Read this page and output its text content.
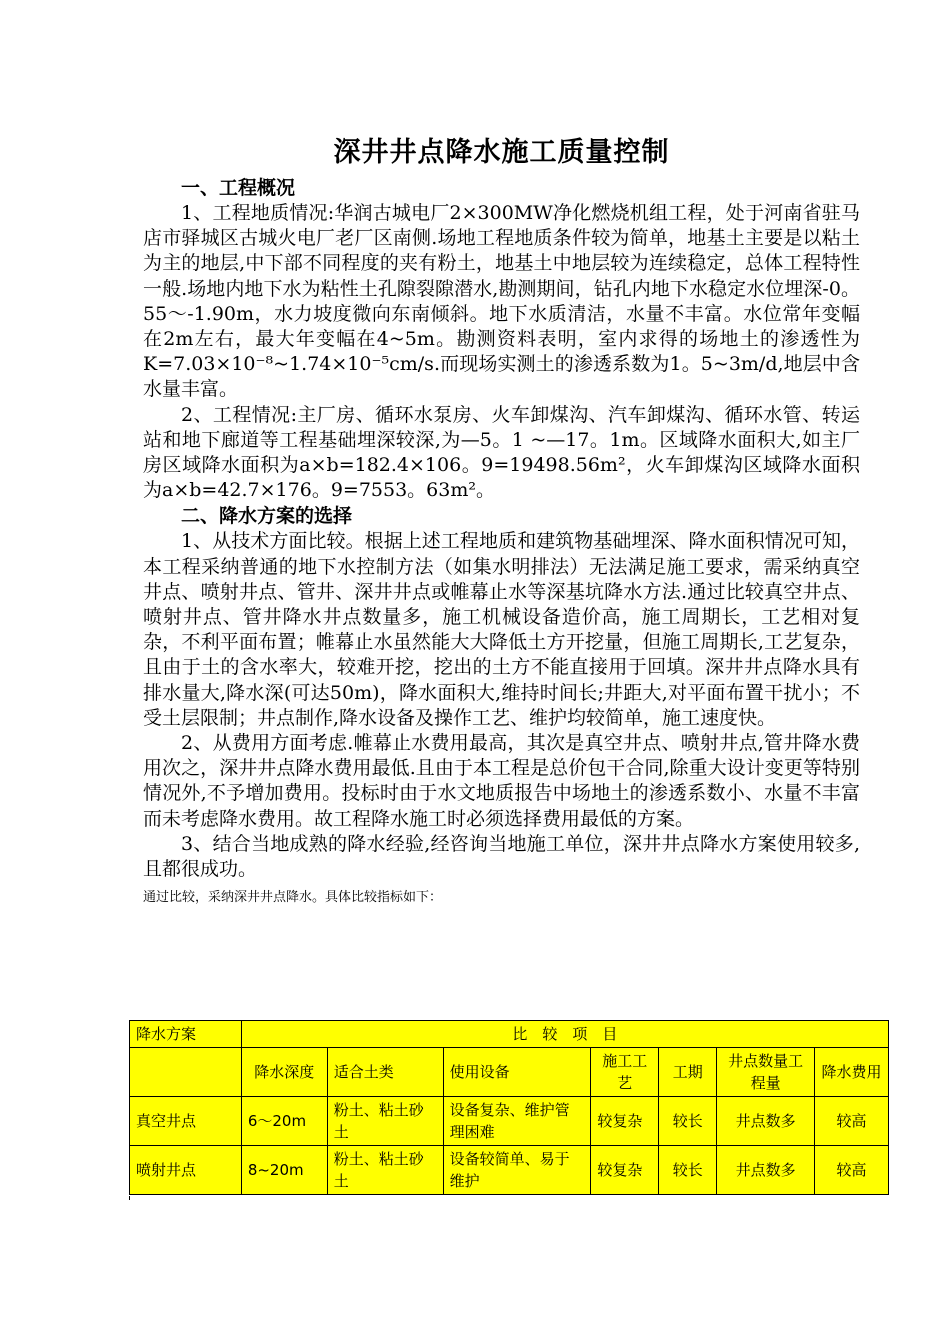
深井井点降水施工质量控制

一、工程概况

1、工程地质情况:华润古城电厂2×300MW净化燃烧机组工程，处于河南省驻马店市驿城区古城火电厂老厂区南侧.场地工程地质条件较为简单，地基土主要是以粘土为主的地层,中下部不同程度的夹有粉土，地基土中地层较为连续稳定，总体工程特性一般.场地内地下水为粘性土孔隙裂隙潜水,勘测期间，钻孔内地下水稳定水位埋深-0。55～-1.90m，水力坡度微向东南倾斜。地下水质清洁，水量不丰富。水位常年变幅在2m左右，最大年变幅在4~5m。勘测资料表明，室内求得的场地土的渗透性为K=7.03×10⁻⁸~1.74×10⁻⁵cm/s.而现场实测土的渗透系数为1。5~3m/d,地层中含水量丰富。

2、工程情况:主厂房、循环水泵房、火车卸煤沟、汽车卸煤沟、循环水管、转运站和地下廊道等工程基础埋深较深,为—5。1 ~—17。1m。区域降水面积大,如主厂房区域降水面积为a×b=182.4×106。9=19498.56m²，火车卸煤沟区域降水面积为a×b=42.7×176。9=7553。63m²。

二、降水方案的选择

1、从技术方面比较。根据上述工程地质和建筑物基础埋深、降水面积情况可知，本工程采纳普通的地下水控制方法（如集水明排法）无法满足施工要求，需采纳真空井点、喷射井点、管井、深井井点或帷幕止水等深基坑降水方法.通过比较真空井点、喷射井点、管井降水井点数量多，施工机械设备造价高，施工周期长，工艺相对复杂，不利平面布置；帷幕止水虽然能大大降低土方开挖量，但施工周期长,工艺复杂，且由于土的含水率大，较难开挖，挖出的土方不能直接用于回填。深井井点降水具有排水量大,降水深(可达50m)，降水面积大,维持时间长;井距大,对平面布置干扰小；不受土层限制；井点制作,降水设备及操作工艺、维护均较简单，施工速度快。

2、从费用方面考虑.帷幕止水费用最高，其次是真空井点、喷射井点,管井降水费用次之，深井井点降水费用最低.且由于本工程是总价包干合同,除重大设计变更等特别情况外,不予增加费用。投标时由于水文地质报告中场地土的渗透系数小、水量不丰富而未考虑降水费用。故工程降水施工时必须选择费用最低的方案。

3、结合当地成熟的降水经验,经咨询当地施工单位，深井井点降水方案使用较多,且都很成功。

通过比较，采纳深井井点降水。具体比较指标如下：

降水方案	比　较　项　目						
	降水深度	适合土类	使用设备	施工工艺	工期	井点数量工程量	降水费用
真空井点	6～20m	粉土、粘土砂土	设备复杂、维护管理困难	较复杂	较长	井点数多	较高
喷射井点	8~20m	粉土、粘土砂土	设备较简单、易于维护	较复杂	较长	井点数多	较高
